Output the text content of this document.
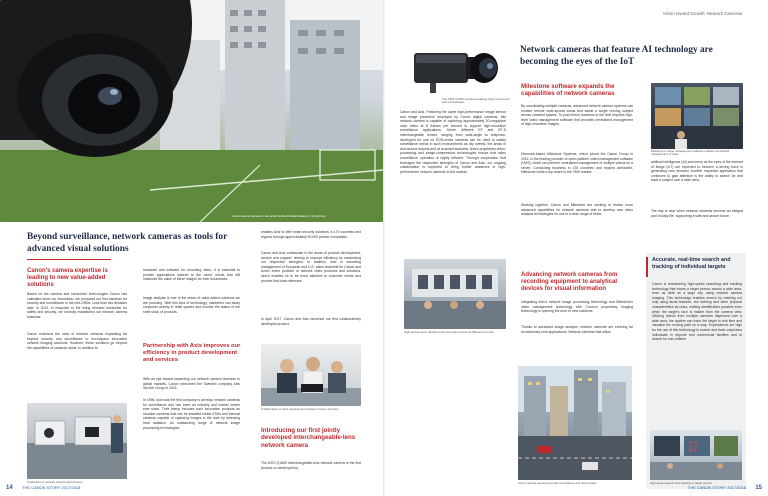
Canon network cameras in use at the Kitchee Football Academy in Hong Kong
Beyond surveillance, network cameras as tools for advanced visual solutions
Canon's camera expertise is leading to new value-added solutions
Based on the camera and camcorder technologies Canon has cultivated since our foundation, we produced our first cameras for security and surveillance in the mid-1980s. Less than two decades later, in 2013, in response to the rising demand worldwide for safety and security, we formally established our network camera business.
Canon envisions the uses of network cameras expanding far beyond security and surveillance to encompass innovative network imaging solutions. However, these solutions go beyond the capabilities of cameras alone. In addition to
Production of network camera performance
hardware and software for recording video, it is essential to provide applications tailored to the users' needs that will maximize the value of these images for their businesses.
Image analysis is one of the areas of value-added solutions we are pursuing. With this kind of technology, marketers can study consumer activity in retail spaces and monitor the status of the shelf stock of products.
Partnership with Axis improves our efficiency in product development and services
With an eye toward expanding our network camera business to global markets, Canon welcomed the Swedish company Axis into the Group in 2015.
In 1996, Axis was the first company to develop network cameras for surveillance and has been an industry and market leader ever since. Their lineup includes such innovative products as modular cameras that can be installed inside ATMs and thermal cameras capable of capturing images in the dark by detecting heat radiation. An outstanding range of network image processing technologies
enables Axis to offer smart security solutions in 179 countries and regions through approximately 90,000 partner companies.
Canon and Axis collaborate in the areas of product development, service and support, striving to improve efficiency by maximizing our respective strengths. In addition, Axis is assuming management of European and U.S. sales channels for Canon and Axis's entire portfolio of network video products and solutions, which enables us to be more attentive to customer needs and provide first-class aftercare.
In April 2017, Canon and Axis launched our first collaboratively developed product.
Collaborative product development between Canon and Axis
Introducing our first jointly developed interchangeable-lens network camera
The AXIS Q1659 interchangeable-lens network camera is the first product co-developed by
14 THE CANON STORY 2017/2018
Vision toward Growth: Network Cameras
The AXIS Q1659 combines leading-edge Canon and Axis technologies
Network cameras that feature AI technology are becoming the eyes of the IoT
Milestone's image management software enables centralized management of video
Canon and Axis. Featuring the same high-performance image sensor and image processor employed by Canon digital cameras, this network camera is capable of capturing approximately 20-megapixel color video at 8 frames per second to support high-resolution surveillance applications. Seven different EF and EF-S interchangeable lenses, ranging from wide-angle to telephoto, developed for use on EOS-series cameras can be used to satisfy surveillance needs in such environments as city streets, the areas in and around airports and at crowded stadiums. Axis's proprietary video-processing and image-compression technologies ensure that video surveillance operation is highly efficient. Through cooperation that leverages the respective strengths of Canon and Axis, our ongoing collaboration is expected to bring further advances in high-performance network cameras to the market.
High-performance optical component team thrives at Milestone Center
Milestone software expands the capabilities of network cameras
By coordinating multiple cameras, advanced network camera systems can monitor remote wide-spread areas and assist a single moving subject across crowded spaces. To push these functions to the limit requires high-level video management software that provides centralized management of high-resolution images.
Denmark-based Milestone Systems, which joined the Canon Group in 2014, is the leading provider of open-platform video management software (VMS), which can perform centralized management of multiple videos on a server. Conducting business in 130 countries and regions worldwide, Milestone holds a top share in the VMS market.
Working together, Canon and Milestone are seeking to realize more advanced capabilities for network cameras and to develop new video analysis technologies for use in a wide range of fields.
Advancing network cameras from recording equipment to analytical devices for visual information
Integrating Axis's network image processing technology and Milestone's video management technology with Canon's proprietary imaging technology is opening the door to new solutions.
Thanks to advanced image analysis, network cameras are evolving far revolutionary new applications. Network cameras that utilize
Axis's network cameras provide surveillance and urban areas
artificial intelligence (AI) and serve as the eyes of the internet of things (IoT) are expected to become a driving force in generating new demand. Another important application that continues to gain attention is the ability to search for and track a subject over a wide area.
The day is near when network cameras become an integral part of daily life, supporting a safe and secure future.
Accurate, real-time search and tracking of individual targets
Canon is researching high-speed searching and tracking technology that traces a target person across a wide area, even as wide as a large city, using network camera imaging. This technology enables search by tracking not only using facial features, but clothing and other physical characteristics as clues, making identification possible even when the target's face is hidden from the camera view. Utilizing videos from multiple cameras dispersed over a wide area, the system can trace the target in real time and visualize the moving path on a map. Expectations are high for the use of this technology to search and track suspicious individuals in airports and commercial facilities and to search for lost children.
High-speed search and tracking of target person
THE CANON STORY 2017/2018 15
